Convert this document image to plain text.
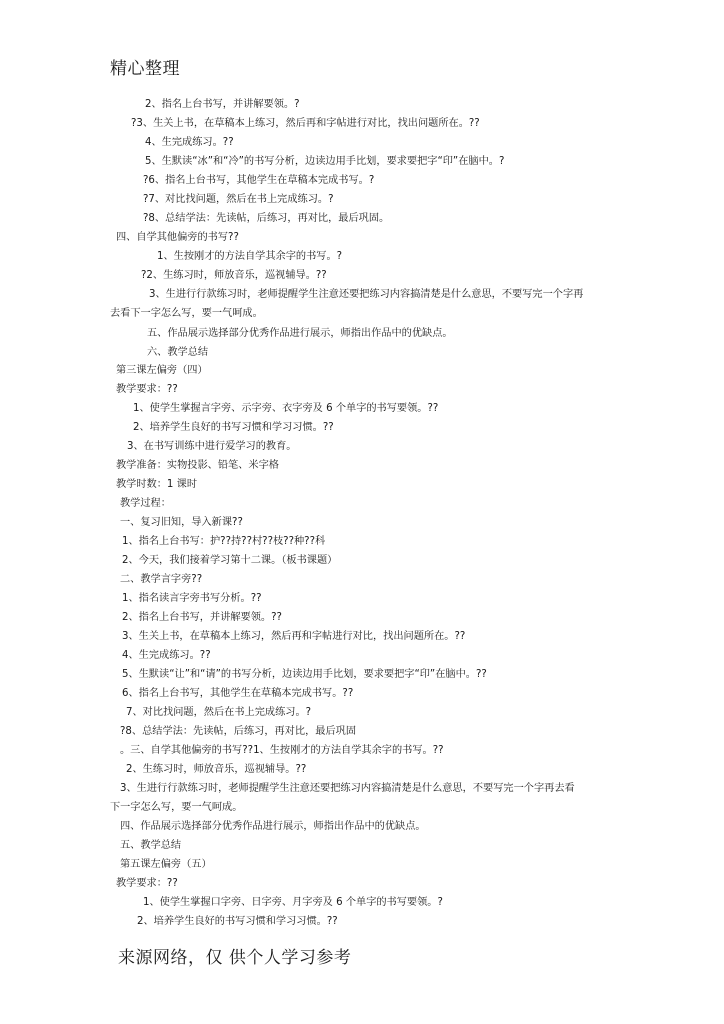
精心整理
2、指名上台书写，并讲解要领。?
?3、生关上书，在草稿本上练习，然后再和字帖进行对比，找出问题所在。??
4、生完成练习。??
5、生默读“冰”和“冷”的书写分析，边读边用手比划，要求要把字“印”在脑中。?
?6、指名上台书写，其他学生在草稿本完成书写。?
?7、对比找问题，然后在书上完成练习。?
?8、总结学法：先读帖，后练习，再对比，最后巩固。
四、自学其他偏旁的书写??
1、生按刚才的方法自学其余字的书写。?
?2、生练习时，师放音乐，巡视辅导。??
3、生进行行款练习时，老师提醒学生注意还要把练习内容搞清楚是什么意思，不要写完一个字再
去看下一字怎么写，要一气呵成。
五、作品展示选择部分优秀作品进行展示，师指出作品中的优缺点。
六、教学总结
第三课左偏旁（四）
教学要求：??
1、使学生掌握言字旁、示字旁、衣字旁及 6 个单字的书写要领。??
2、培养学生良好的书写习惯和学习习惯。??
3、在书写训练中进行爱学习的教育。
教学准备：实物投影、铅笔、米字格
教学时数：1 课时
教学过程：
一、复习旧知，导入新课??
1、指名上台书写：护??持??村??枝??种??科
2、今天，我们接着学习第十二课。（板书课题）
二、教学言字旁??
1、指名读言字旁书写分析。??
2、指名上台书写，并讲解要领。??
3、生关上书，在草稿本上练习，然后再和字帖进行对比，找出问题所在。??
4、生完成练习。??
5、生默读“让”和“请”的书写分析，边读边用手比划，要求要把字“印”在脑中。??
6、指名上台书写，其他学生在草稿本完成书写。??
7、对比找问题，然后在书上完成练习。?
?8、总结学法：先读帖，后练习，再对比，最后巩固
。三、自学其他偏旁的书写??1、生按刚才的方法自学其余字的书写。??
2、生练习时，师放音乐，巡视辅导。??
3、生进行行款练习时，老师提醒学生注意还要把练习内容搞清楚是什么意思，不要写完一个字再去看
下一字怎么写，要一气呵成。
四、作品展示选择部分优秀作品进行展示，师指出作品中的优缺点。
五、教学总结
第五课左偏旁（五）
教学要求：??
1、使学生掌握口字旁、日字旁、月字旁及 6 个单字的书写要领。?
2、培养学生良好的书写习惯和学习习惯。??
来源网络，仅 供个人学习参考
